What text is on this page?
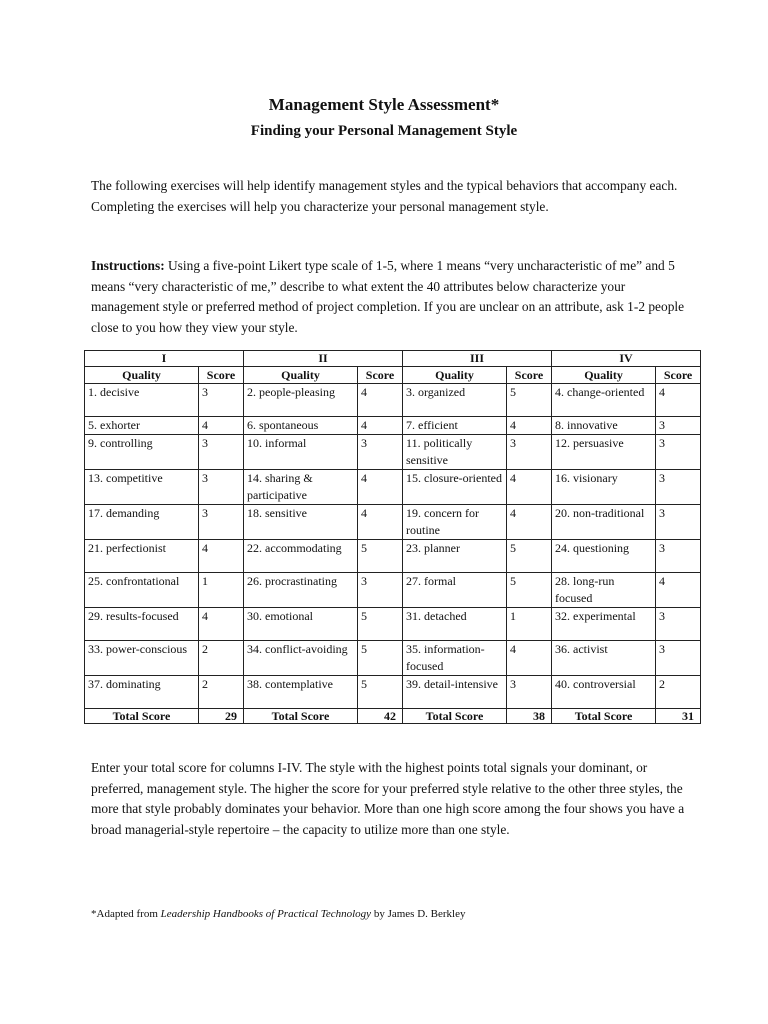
Management Style Assessment*
Finding your Personal Management Style

The following exercises will help identify management styles and the typical behaviors that accompany each. Completing the exercises will help you characterize your personal management style.

Instructions: Using a five-point Likert type scale of 1-5, where 1 means “very uncharacteristic of me” and 5 means “very characteristic of me,” describe to what extent the 40 attributes below characterize your management style or preferred method of project completion. If you are unclear on an attribute, ask 1-2 people close to you how they view your style.

I		II		III		IV	
Quality	Score	Quality	Score	Quality	Score	Quality	Score
1. decisive	3	2. people-pleasing	4	3. organized	5	4. change-oriented	4
5. exhorter	4	6. spontaneous	4	7. efficient	4	8. innovative	3
9. controlling	3	10. informal	3	11. politically sensitive	3	12. persuasive	3
13. competitive	3	14. sharing & participative	4	15. closure-oriented	4	16. visionary	3
17. demanding	3	18. sensitive	4	19. concern for routine	4	20. non-traditional	3
21. perfectionist	4	22. accommodating	5	23. planner	5	24. questioning	3
25. confrontational	1	26. procrastinating	3	27. formal	5	28. long-run focused	4
29. results-focused	4	30. emotional	5	31. detached	1	32. experimental	3
33. power-conscious	2	34. conflict-avoiding	5	35. information-focused	4	36. activist	3
37. dominating	2	38. contemplative	5	39. detail-intensive	3	40. controversial	2
Total Score	29	Total Score	42	Total Score	38	Total Score	31

Enter your total score for columns I-IV. The style with the highest points total signals your dominant, or preferred, management style. The higher the score for your preferred style relative to the other three styles, the more that style probably dominates your behavior. More than one high score among the four shows you have a broad managerial-style repertoire – the capacity to utilize more than one style.

*Adapted from Leadership Handbooks of Practical Technology by James D. Berkley
